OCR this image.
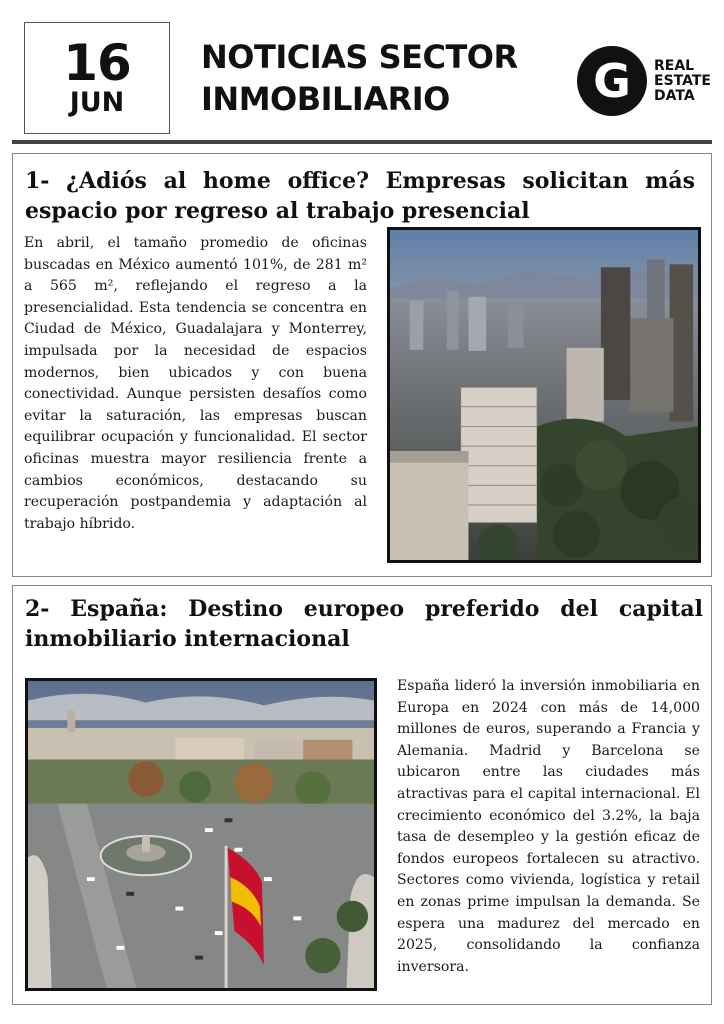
16
JUN
NOTICIAS SECTOR
INMOBILIARIO	G REAL
ESTATE
DATA
1- ¿Adiós al home office? Empresas solicitan más espacio por regreso al trabajo presencial
En abril, el tamaño promedio de oficinas buscadas en México aumentó 101%, de 281 m² a 565 m², reflejando el regreso a la presencialidad. Esta tendencia se concentra en Ciudad de México, Guadalajara y Monterrey, impulsada por la necesidad de espacios modernos, bien ubicados y con buena conectividad. Aunque persisten desafíos como evitar la saturación, las empresas buscan equilibrar ocupación y funcionalidad. El sector oficinas muestra mayor resiliencia frente a cambios económicos, destacando su recuperación postpandemia y adaptación al trabajo híbrido.
2- España: Destino europeo preferido del capital inmobiliario internacional
España lideró la inversión inmobiliaria en Europa en 2024 con más de 14,000 millones de euros, superando a Francia y Alemania. Madrid y Barcelona se ubicaron entre las ciudades más atractivas para el capital internacional. El crecimiento económico del 3.2%, la baja tasa de desempleo y la gestión eficaz de fondos europeos fortalecen su atractivo. Sectores como vivienda, logística y retail en zonas prime impulsan la demanda. Se espera una madurez del mercado en 2025, consolidando la confianza inversora.
